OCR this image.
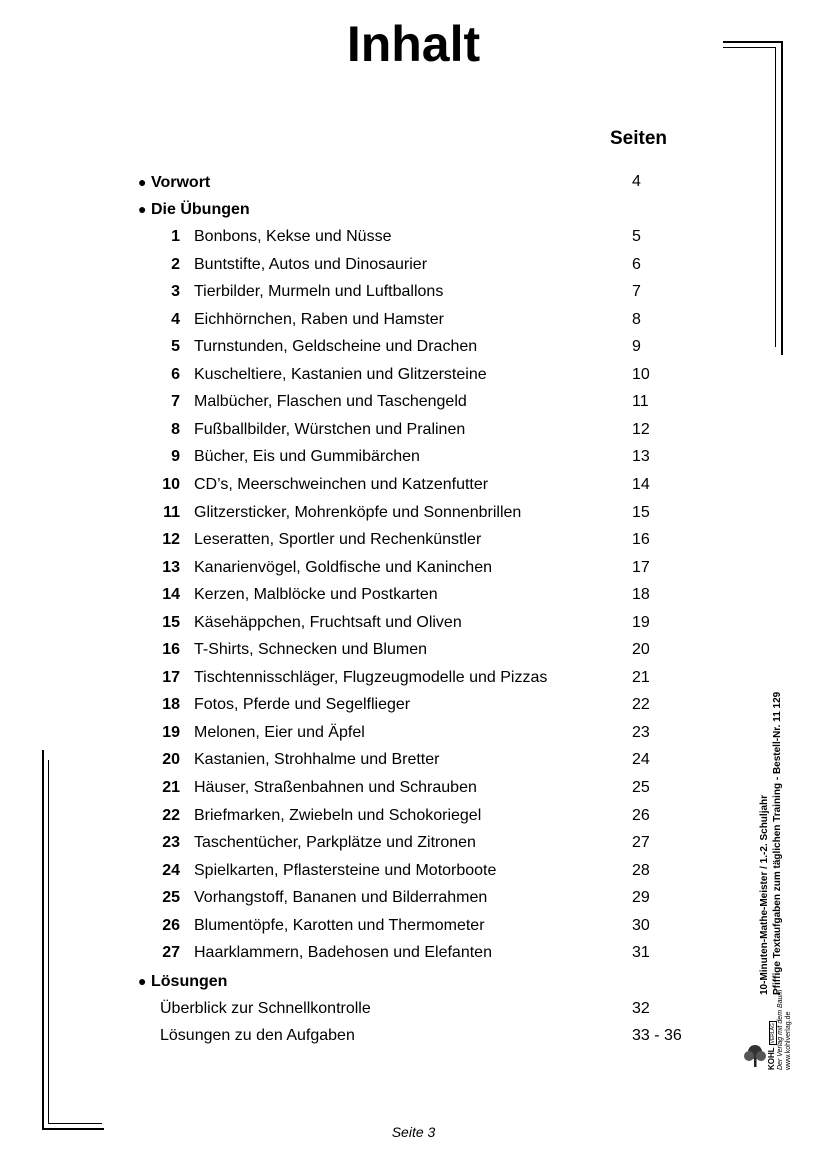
Inhalt
Seiten
● Vorwort	4
● Die Übungen
1 Bonbons, Kekse und Nüsse	5
2 Buntstifte, Autos und Dinosaurier	6
3 Tierbilder, Murmeln und Luftballons	7
4 Eichhörnchen, Raben und Hamster	8
5 Turnstunden, Geldscheine und Drachen	9
6 Kuscheltiere, Kastanien und Glitzersteine	10
7 Malbücher, Flaschen und Taschengeld	11
8 Fußballbilder, Würstchen und Pralinen	12
9 Bücher, Eis und Gummibärchen	13
10 CD’s, Meerschweinchen und Katzenfutter	14
11 Glitzersticker, Mohrenköpfe und Sonnenbrillen	15
12 Leseratten, Sportler und Rechenkünstler	16
13 Kanarienvögel, Goldfische und Kaninchen	17
14 Kerzen, Malblöcke und Postkarten	18
15 Käsehäppchen, Fruchtsaft und Oliven	19
16 T-Shirts, Schnecken und Blumen	20
17 Tischtennisschläger, Flugzeugmodelle und Pizzas	21
18 Fotos, Pferde und Segelflieger	22
19 Melonen, Eier und Äpfel	23
20 Kastanien, Strohhalme und Bretter	24
21 Häuser, Straßenbahnen und Schrauben	25
22 Briefmarken, Zwiebeln und Schokoriegel	26
23 Taschentücher, Parkplätze und Zitronen	27
24 Spielkarten, Pflastersteine und Motorboote	28
25 Vorhangstoff, Bananen und Bilderrahmen	29
26 Blumentöpfe, Karotten und Thermometer	30
27 Haarklammern, Badehosen und Elefanten	31
● Lösungen
Überblick zur Schnellkontrolle	32
Lösungen zu den Aufgaben	33 - 36
10-Minuten-Mathe-Meister / 1.-2. Schuljahr Pfiffige Textaufgaben zum täglichen Training - Bestell-Nr. 11 129
KOHL VERLAG Der Verlag mit dem Baum www.kohlverlag.de
Seite 3
